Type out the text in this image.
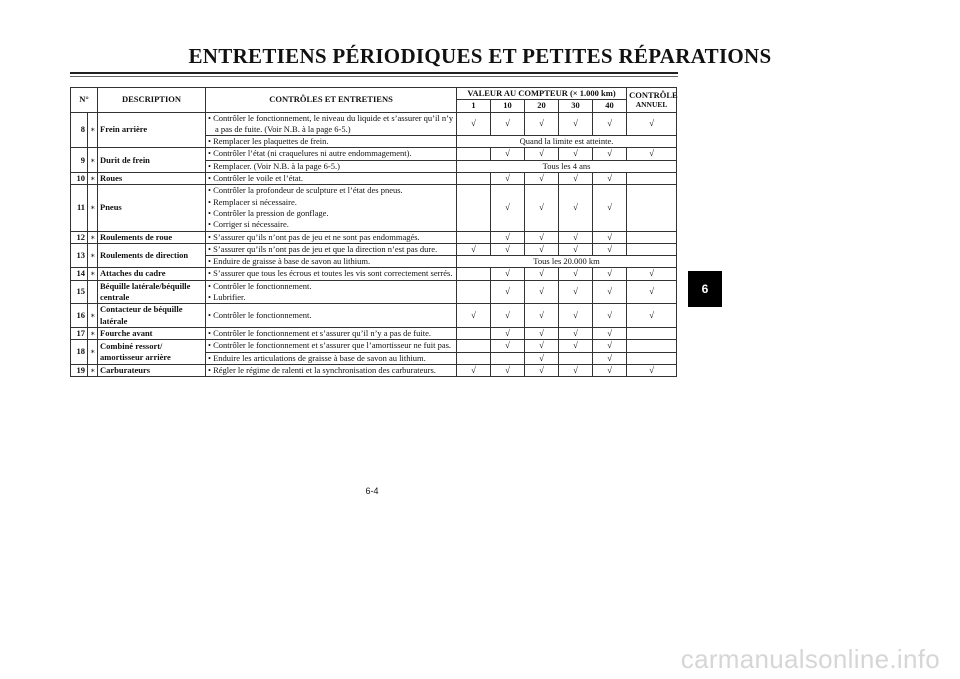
ENTRETIENS PÉRIODIQUES ET PETITES RÉPARATIONS
N°		DESCRIPTION	CONTRÔLES ET ENTRETIENS	VALEUR AU COMPTEUR (× 1.000 km)					CONTRÔLE
ANNUEL

				1	10	20	30	40	
8	∗	Frein arrière	• Contrôler le fonctionnement, le niveau du liquide et s’assurer qu’il n’y a pas de fuite. (Voir N.B. à la page 6-5.)	√	√	√	√	√	√

			• Remplacer les plaquettes de frein.	Quand la limite est atteinte.					
9	∗	Durit de frein	• Contrôler l’état (ni craquelures ni autre endommagement).		√	√	√	√	√

			• Remplacer. (Voir N.B. à la page 6-5.)	Tous les 4 ans					
10	∗	Roues	• Contrôler le voile et l’état.		√	√	√	√	
11	∗	Pneus	• Contrôler la profondeur de sculpture et l’état des pneus.
• Remplacer si nécessaire.
• Contrôler la pression de gonflage.
• Corriger si nécessaire.		√	√	√	√	
12	∗	Roulements de roue	• S’assurer qu’ils n’ont pas de jeu et ne sont pas endommagés.		√	√	√	√	
13	∗	Roulements de direction	• S’assurer qu’ils n’ont pas de jeu et que la direction n’est pas dure.	√	√	√	√	√	

			• Enduire de graisse à base de savon au lithium.	Tous les 20.000 km					
14	∗	Attaches du cadre	• S’assurer que tous les écrous et toutes les vis sont correctement serrés.		√	√	√	√	√
15		Béquille latérale/béquille centrale	• Contrôler le fonctionnement.
• Lubrifier.		√	√	√	√	√
16	∗	Contacteur de béquille latérale	• Contrôler le fonctionnement.	√	√	√	√	√	√
17	∗	Fourche avant	• Contrôler le fonctionnement et s’assurer qu’il n’y a pas de fuite.		√	√	√	√	
18	∗	Combiné ressort/ amortisseur arrière	• Contrôler le fonctionnement et s’assurer que l’amortisseur ne fuit pas.		√	√	√	√	

			• Enduire les articulations de graisse à base de savon au lithium.			√		√	
19	∗	Carburateurs	• Régler le régime de ralenti et la synchronisation des carburateurs.	√	√	√	√	√	√
6
6-4
carmanualsonline.info
